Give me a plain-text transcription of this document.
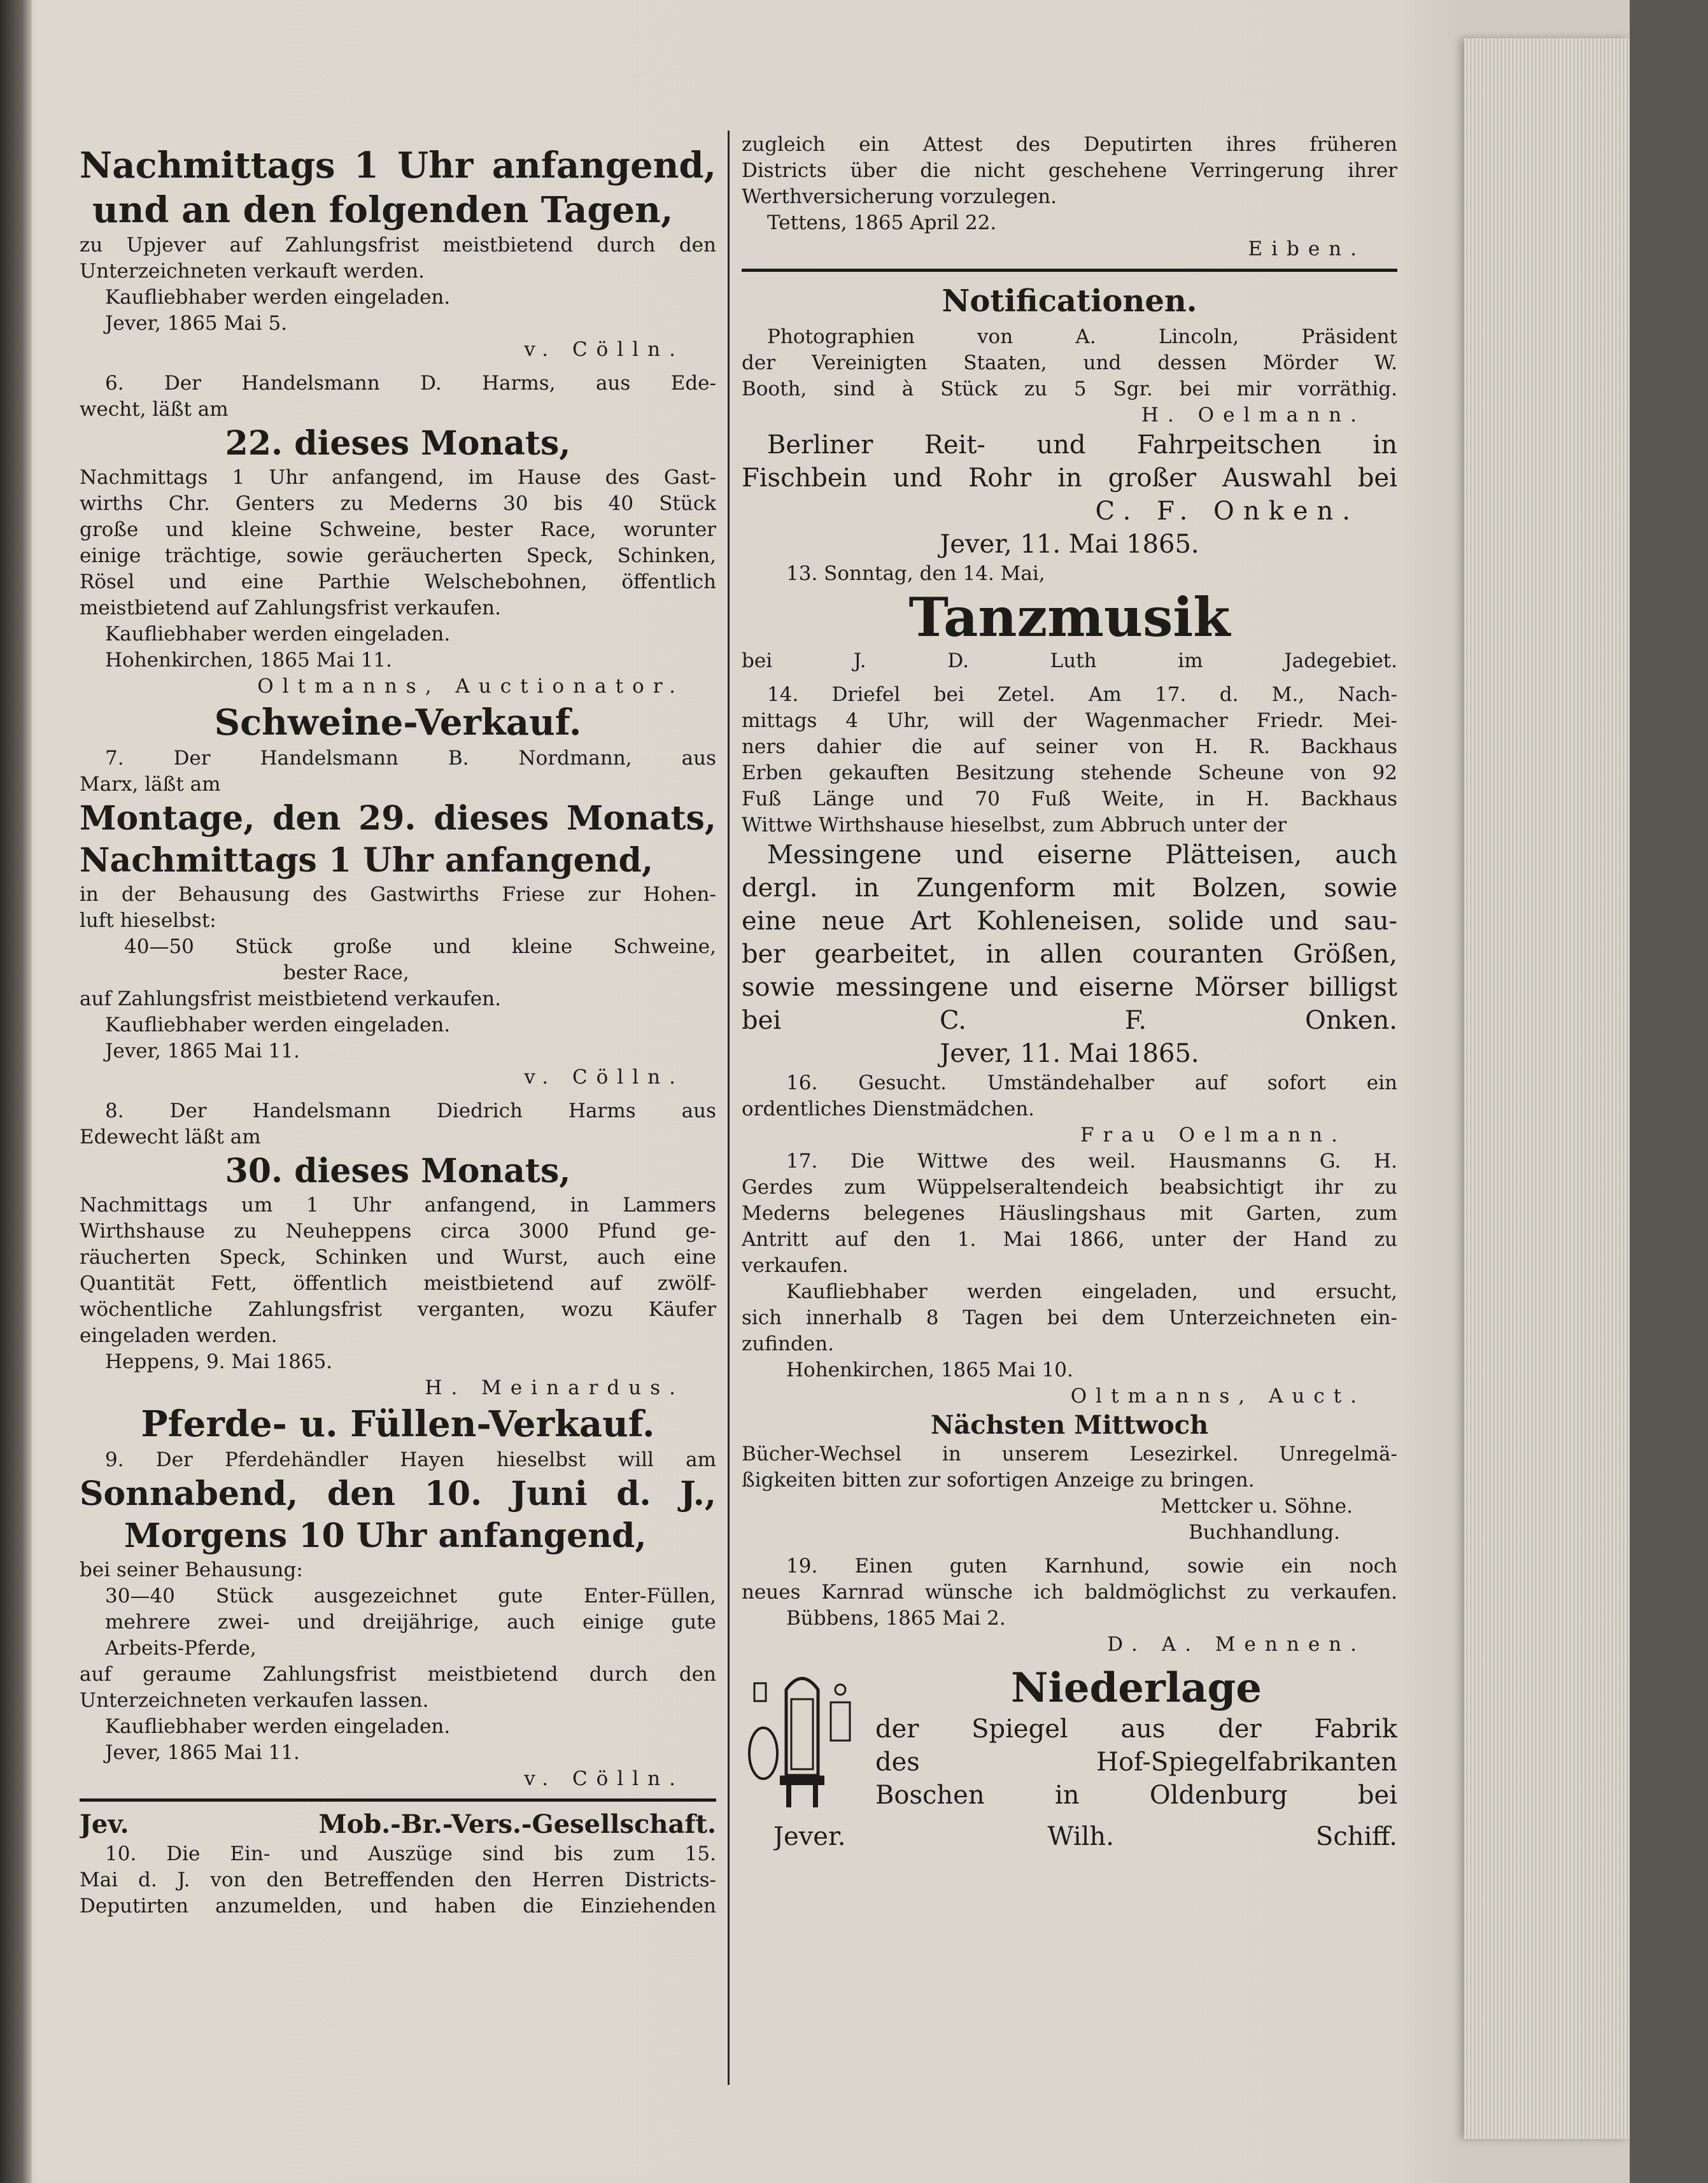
Nachmittags 1 Uhr anfangend,
und an den folgenden Tagen,
zu Upjever auf Zahlungsfrist meistbietend durch den
Unterzeichneten verkauft werden.
Kaufliebhaber werden eingeladen.
Jever, 1865 Mai 5.
v. Cölln.
6. Der Handelsmann D. Harms, aus Ede-
wecht, läßt am
22. dieses Monats,
Nachmittags 1 Uhr anfangend, im Hause des Gast-
wirths Chr. Genters zu Mederns 30 bis 40 Stück
große und kleine Schweine, bester Race, worunter
einige trächtige, sowie geräucherten Speck, Schinken,
Rösel und eine Parthie Welschebohnen, öffentlich
meistbietend auf Zahlungsfrist verkaufen.
Kaufliebhaber werden eingeladen.
Hohenkirchen, 1865 Mai 11.
Oltmanns, Auctionator.
Schweine-Verkauf.
7. Der Handelsmann B. Nordmann, aus
Marx, läßt am
Montage, den 29. dieses Monats,
Nachmittags 1 Uhr anfangend,
in der Behausung des Gastwirths Friese zur Hohen-
luft hieselbst:
40—50 Stück große und kleine Schweine,
bester Race,
auf Zahlungsfrist meistbietend verkaufen.
Kaufliebhaber werden eingeladen.
Jever, 1865 Mai 11.
v. Cölln.
8. Der Handelsmann Diedrich Harms aus
Edewecht läßt am
30. dieses Monats,
Nachmittags um 1 Uhr anfangend, in Lammers
Wirthshause zu Neuheppens circa 3000 Pfund ge-
räucherten Speck, Schinken und Wurst, auch eine
Quantität Fett, öffentlich meistbietend auf zwölf-
wöchentliche Zahlungsfrist verganten, wozu Käufer
eingeladen werden.
Heppens, 9. Mai 1865.
H. Meinardus.
Pferde- u. Füllen-Verkauf.
9. Der Pferdehändler Hayen hieselbst will am
Sonnabend, den 10. Juni d. J.,
Morgens 10 Uhr anfangend,
bei seiner Behausung:
30—40 Stück ausgezeichnet gute Enter-Füllen,
mehrere zwei- und dreijährige, auch einige gute
Arbeits-Pferde,
auf geraume Zahlungsfrist meistbietend durch den
Unterzeichneten verkaufen lassen.
Kaufliebhaber werden eingeladen.
Jever, 1865 Mai 11.
v. Cölln.
Jev. Mob.-Br.-Vers.-Gesellschaft.
10. Die Ein- und Auszüge sind bis zum 15.
Mai d. J. von den Betreffenden den Herren Districts-
Deputirten anzumelden, und haben die Einziehenden
zugleich ein Attest des Deputirten ihres früheren
Districts über die nicht geschehene Verringerung ihrer
Werthversicherung vorzulegen.
Tettens, 1865 April 22.
Eiben.
Notificationen.
Photographien von A. Lincoln, Präsident
der Vereinigten Staaten, und dessen Mörder W.
Booth, sind à Stück zu 5 Sgr. bei mir vorräthig.
H. Oelmann.
Berliner Reit- und Fahrpeitschen in
Fischbein und Rohr in großer Auswahl bei
C. F. Onken.
Jever, 11. Mai 1865.
13. Sonntag, den 14. Mai,
Tanzmusik
bei J. D. Luth im Jadegebiet.
14. Driefel bei Zetel. Am 17. d. M., Nach-
mittags 4 Uhr, will der Wagenmacher Friedr. Mei-
ners dahier die auf seiner von H. R. Backhaus
Erben gekauften Besitzung stehende Scheune von 92
Fuß Länge und 70 Fuß Weite, in H. Backhaus
Wittwe Wirthshause hieselbst, zum Abbruch unter der
Messingene und eiserne Plätteisen, auch
dergl. in Zungenform mit Bolzen, sowie
eine neue Art Kohleneisen, solide und sau-
ber gearbeitet, in allen couranten Größen,
sowie messingene und eiserne Mörser billigst
bei C. F. Onken.
Jever, 11. Mai 1865.
16. Gesucht. Umständehalber auf sofort ein
ordentliches Dienstmädchen.
Frau Oelmann.
17. Die Wittwe des weil. Hausmanns G. H.
Gerdes zum Wüppelseraltendeich beabsichtigt ihr zu
Mederns belegenes Häuslingshaus mit Garten, zum
Antritt auf den 1. Mai 1866, unter der Hand zu
verkaufen.
Kaufliebhaber werden eingeladen, und ersucht,
sich innerhalb 8 Tagen bei dem Unterzeichneten ein-
zufinden.
Hohenkirchen, 1865 Mai 10.
Oltmanns, Auct.
Nächsten Mittwoch
Bücher-Wechsel in unserem Lesezirkel. Unregelmä-
ßigkeiten bitten zur sofortigen Anzeige zu bringen.
Mettcker u. Söhne.
Buchhandlung.
19. Einen guten Karnhund, sowie ein noch
neues Karnrad wünsche ich baldmöglichst zu verkaufen.
Bübbens, 1865 Mai 2.
D. A. Mennen.
Niederlage
der Spiegel aus der Fabrik
des Hof-Spiegelfabrikanten
Boschen in Oldenburg bei
Jever. Wilh. Schiff.
